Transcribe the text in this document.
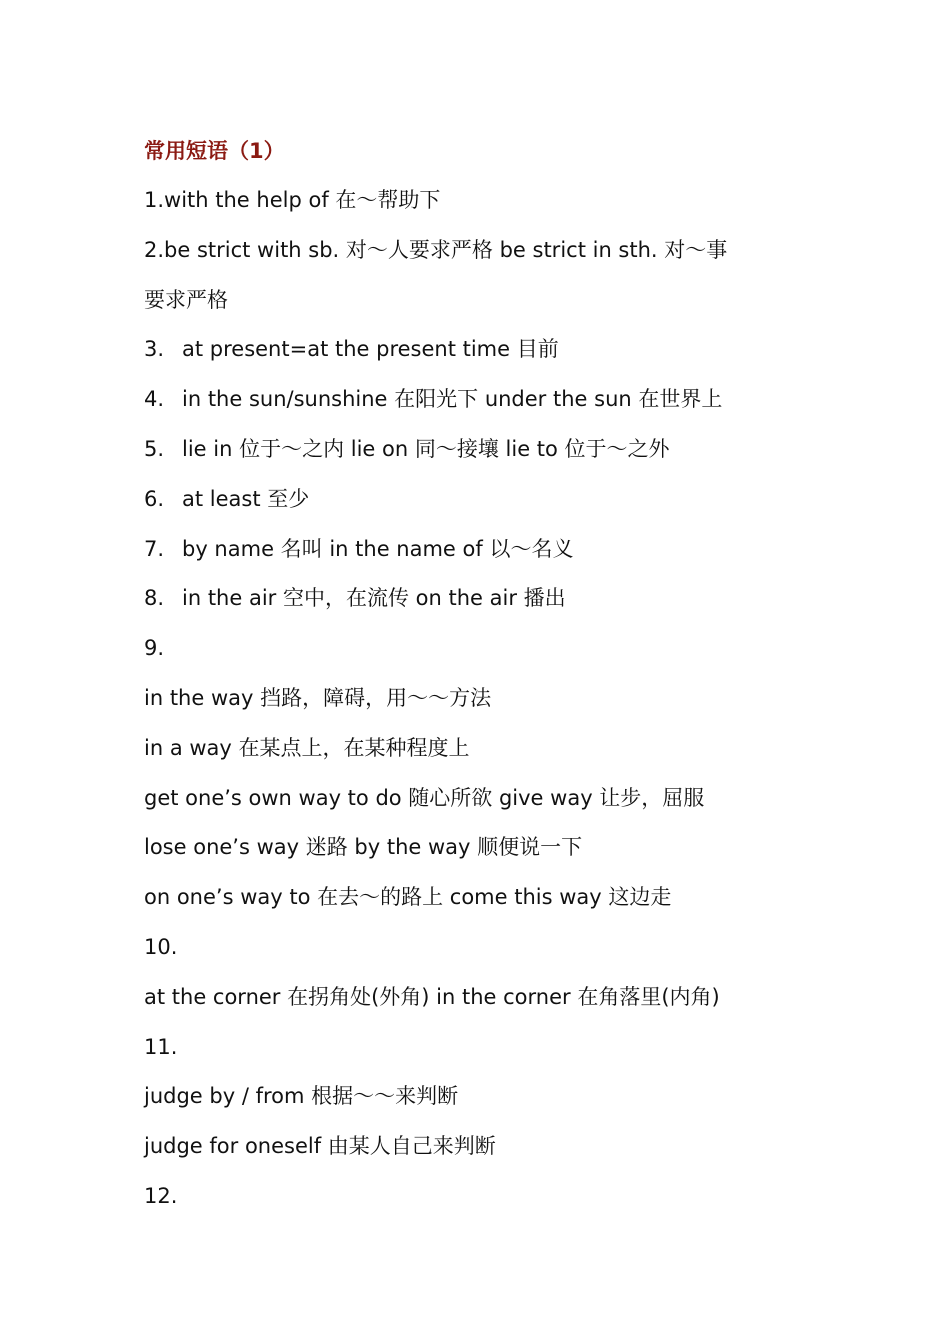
常用短语（1）
1.with the help of 在～帮助下
2.be strict with sb. 对～人要求严格 be strict in sth. 对～事
要求严格
3. at present=at the present time 目前
4. in the sun/sunshine 在阳光下 under the sun 在世界上
5. lie in 位于～之内 lie on 同～接壤 lie to 位于～之外
6. at least 至少
7. by name 名叫 in the name of 以～名义
8. in the air 空中，在流传 on the air 播出
9.
in the way 挡路，障碍，用～～方法
in a way 在某点上，在某种程度上
get one’s own way to do 随心所欲 give way 让步，屈服
lose one’s way 迷路 by the way 顺便说一下
on one’s way to 在去～的路上 come this way 这边走
10.
at the corner 在拐角处(外角) in the corner 在角落里(内角)
11.
judge by / from 根据～～来判断
judge for oneself 由某人自己来判断
12.
